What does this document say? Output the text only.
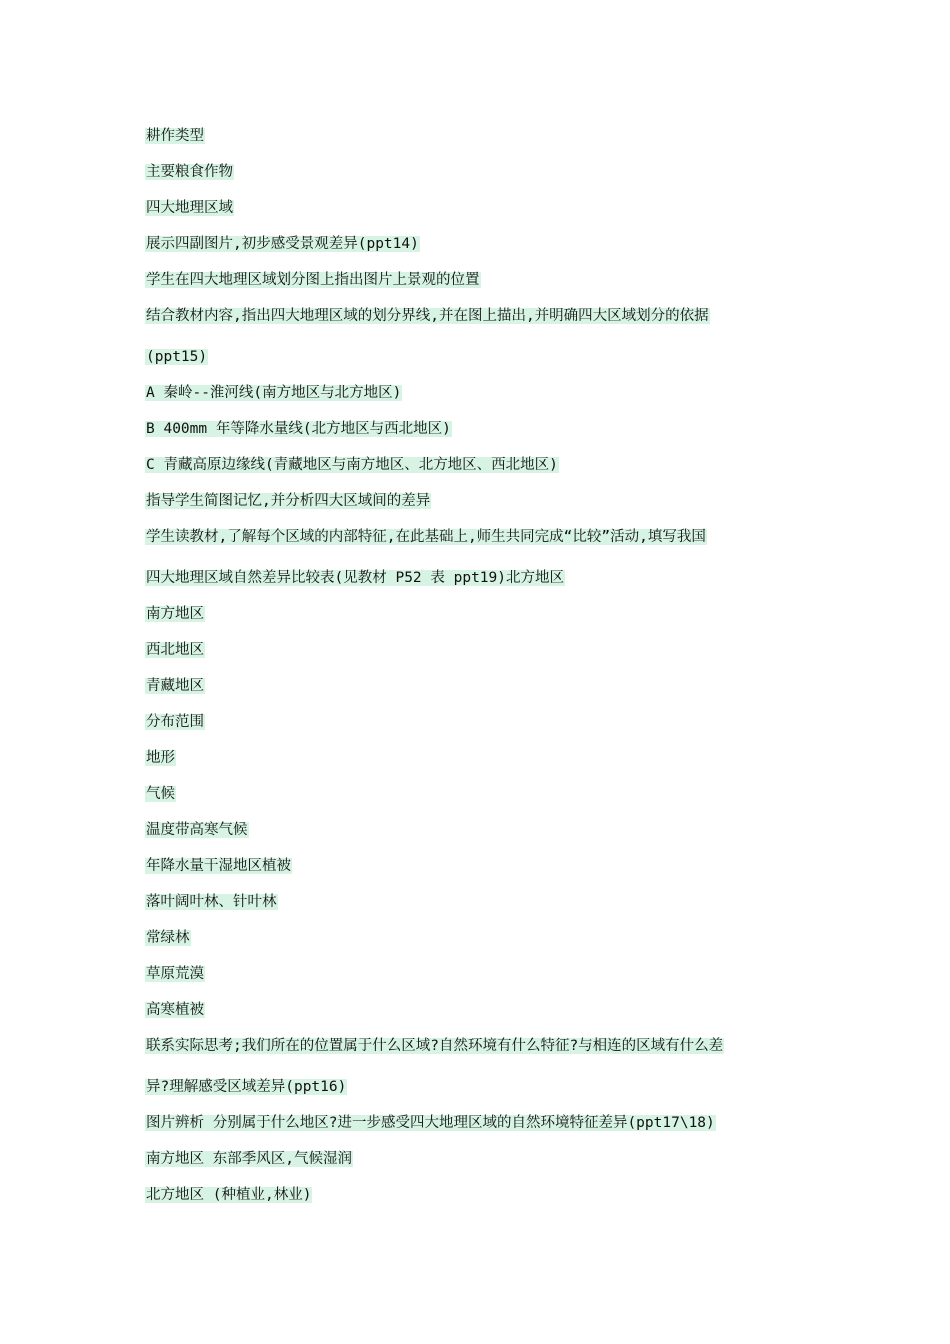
耕作类型
主要粮食作物
四大地理区域
展示四副图片,初步感受景观差异(ppt14)
学生在四大地理区域划分图上指出图片上景观的位置
结合教材内容,指出四大地理区域的划分界线,并在图上描出,并明确四大区域划分的依据
(ppt15)
A 秦岭--淮河线(南方地区与北方地区)
B 400mm 年等降水量线(北方地区与西北地区)
C 青藏高原边缘线(青藏地区与南方地区、北方地区、西北地区)
指导学生简图记忆,并分析四大区域间的差异
学生读教材,了解每个区域的内部特征,在此基础上,师生共同完成“比较”活动,填写我国
四大地理区域自然差异比较表(见教材 P52 表 ppt19)北方地区
南方地区
西北地区
青藏地区
分布范围
地形
气候
温度带高寒气候
年降水量干湿地区植被
落叶阔叶林、针叶林
常绿林
草原荒漠
高寒植被
联系实际思考;我们所在的位置属于什么区域?自然环境有什么特征?与相连的区域有什么差
异?理解感受区域差异(ppt16)
图片辨析 分别属于什么地区?进一步感受四大地理区域的自然环境特征差异(ppt17\18)
南方地区 东部季风区,气候湿润
北方地区 (种植业,林业)
